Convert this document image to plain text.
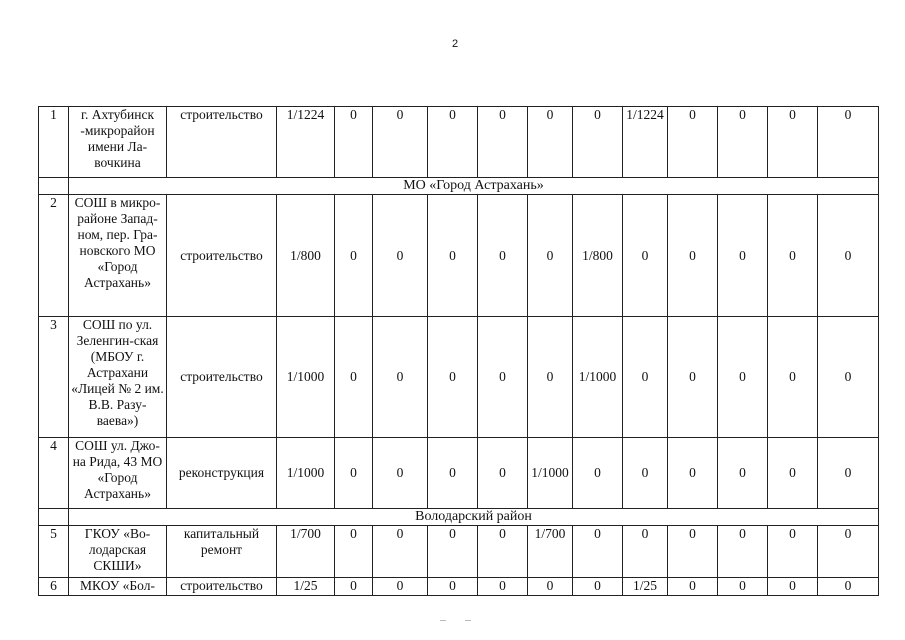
2
1	г. Ахтубинск -микрорайон имени Ла-вочкина	строительство	1/1224	0	0	0	0	0	0	1/1224	0	0	0	0
	МО «Город Астрахань»													
2	СОШ в микро-районе Запад-ном, пер. Гра-новского МО «Город Астрахань»	строительство	1/800	0	0	0	0	0	1/800	0	0	0	0	0
3	СОШ по ул. Зеленгин-ская (МБОУ г. Астрахани «Лицей № 2 им. В.В. Разу-ваева»)	строительство	1/1000	0	0	0	0	0	1/1000	0	0	0	0	0
4	СОШ ул. Джо-на Рида, 43 МО «Город Астрахань»	реконструкция	1/1000	0	0	0	0	1/1000	0	0	0	0	0	0
	Володарский район													
5	ГКОУ «Во-лодарская СКШИ»	капитальный ремонт	1/700	0	0	0	0	1/700	0	0	0	0	0	0
6	МКОУ «Бол-	строительство	1/25	0	0	0	0	0	0	1/25	0	0	0	0
